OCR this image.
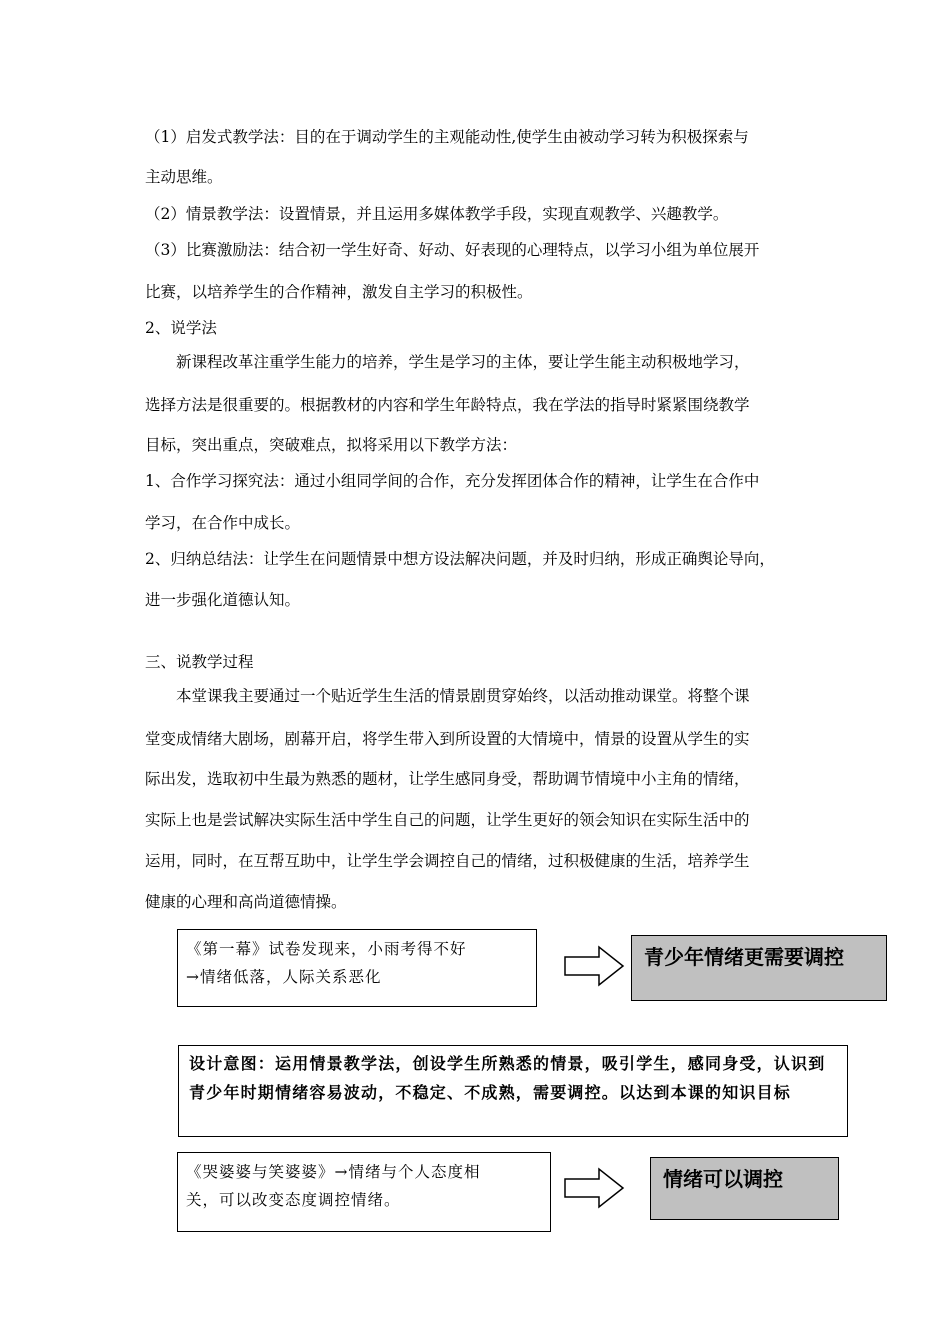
（1）启发式教学法：目的在于调动学生的主观能动性,使学生由被动学习转为积极探索与
主动思维。
（2）情景教学法：设置情景，并且运用多媒体教学手段，实现直观教学、兴趣教学。
（3）比赛激励法：结合初一学生好奇、好动、好表现的心理特点，以学习小组为单位展开
比赛，以培养学生的合作精神，激发自主学习的积极性。
2、说学法
新课程改革注重学生能力的培养，学生是学习的主体，要让学生能主动积极地学习，
选择方法是很重要的。根据教材的内容和学生年龄特点，我在学法的指导时紧紧围绕教学
目标，突出重点，突破难点，拟将采用以下教学方法：
1、合作学习探究法：通过小组同学间的合作，充分发挥团体合作的精神，让学生在合作中
学习，在合作中成长。
2、归纳总结法：让学生在问题情景中想方设法解决问题，并及时归纳，形成正确舆论导向，
进一步强化道德认知。
三、说教学过程
本堂课我主要通过一个贴近学生生活的情景剧贯穿始终，以活动推动课堂。将整个课
堂变成情绪大剧场，剧幕开启，将学生带入到所设置的大情境中，情景的设置从学生的实
际出发，选取初中生最为熟悉的题材，让学生感同身受，帮助调节情境中小主角的情绪，
实际上也是尝试解决实际生活中学生自己的问题，让学生更好的领会知识在实际生活中的
运用，同时，在互帮互助中，让学生学会调控自己的情绪，过积极健康的生活，培养学生
健康的心理和高尚道德情操。
《第一幕》试卷发现来，小雨考得不好
→情绪低落，人际关系恶化
青少年情绪更需要调控
设计意图：运用情景教学法，创设学生所熟悉的情景，吸引学生，感同身受，认识到青少年时期情绪容易波动，不稳定、不成熟，需要调控。以达到本课的知识目标
《哭婆婆与笑婆婆》→情绪与个人态度相
关，可以改变态度调控情绪。
情绪可以调控
